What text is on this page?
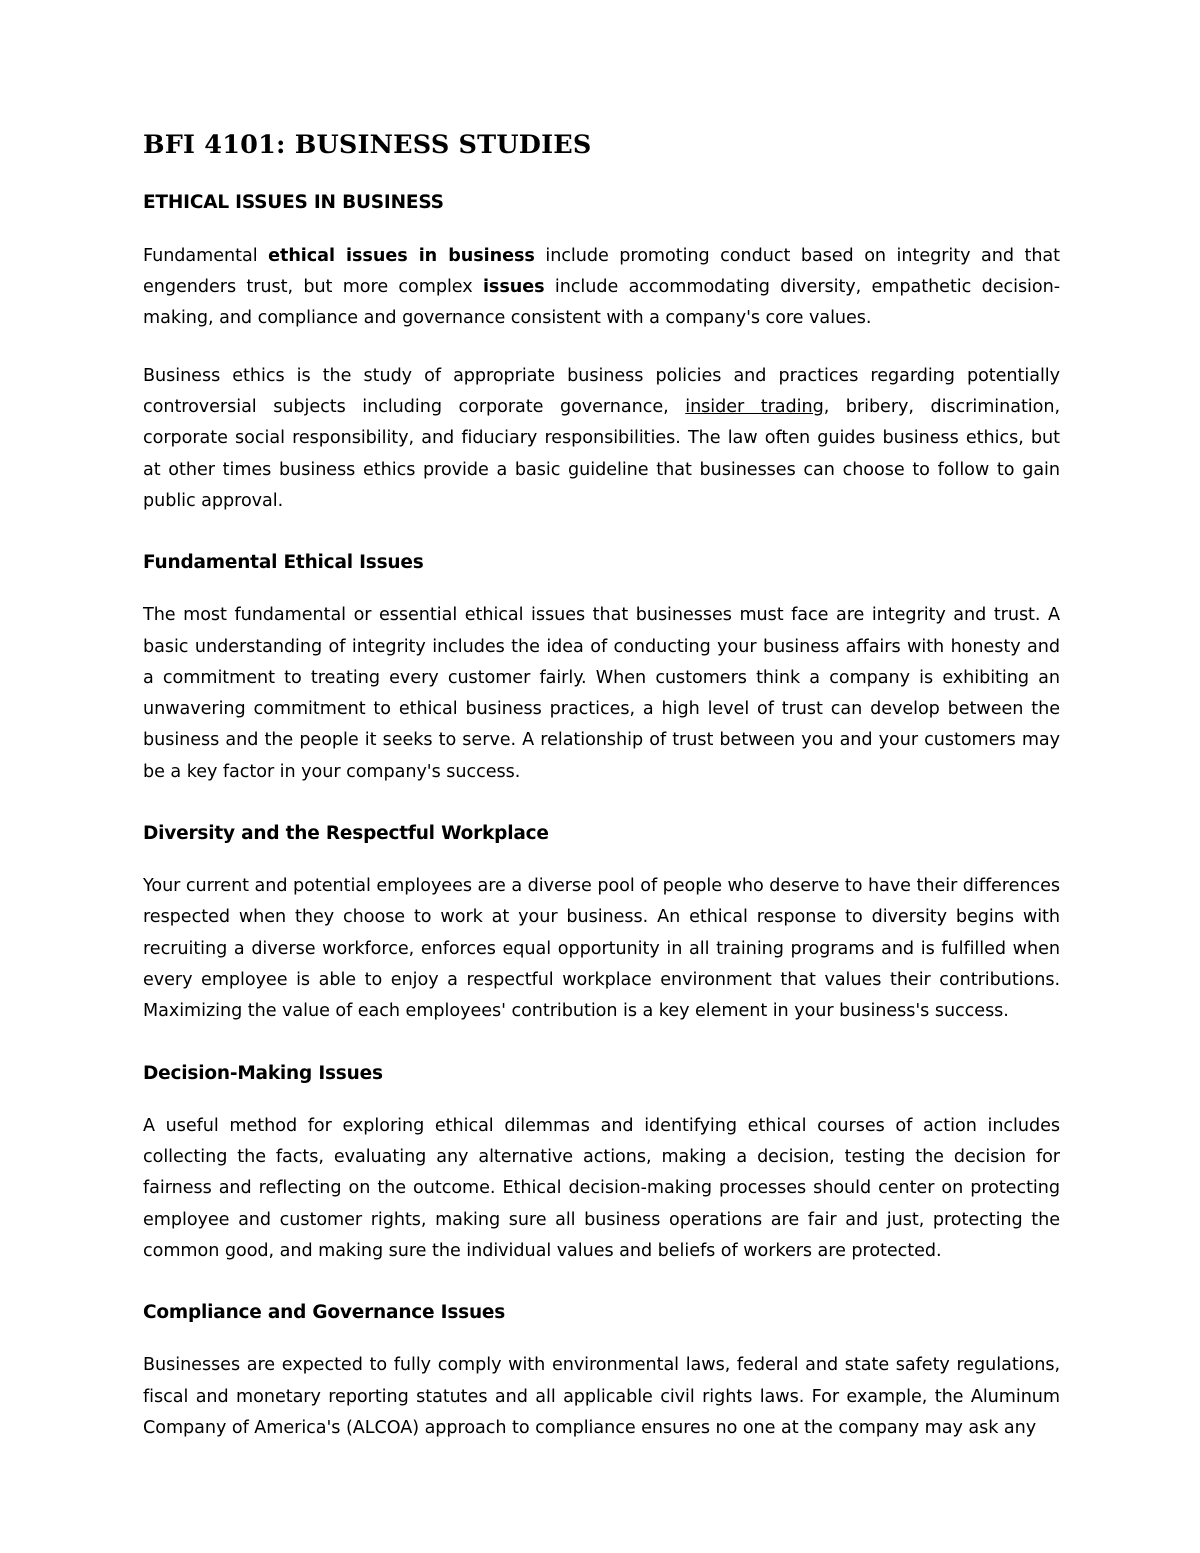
BFI 4101: BUSINESS STUDIES
ETHICAL ISSUES IN BUSINESS

Fundamental ethical issues in business include promoting conduct based on integrity and that engenders trust, but more complex issues include accommodating diversity, empathetic decision-making, and compliance and governance consistent with a company's core values.

Business ethics is the study of appropriate business policies and practices regarding potentially controversial subjects including corporate governance, insider trading, bribery, discrimination, corporate social responsibility, and fiduciary responsibilities. The law often guides business ethics, but at other times business ethics provide a basic guideline that businesses can choose to follow to gain public approval.

Fundamental Ethical Issues

The most fundamental or essential ethical issues that businesses must face are integrity and trust. A basic understanding of integrity includes the idea of conducting your business affairs with honesty and a commitment to treating every customer fairly. When customers think a company is exhibiting an unwavering commitment to ethical business practices, a high level of trust can develop between the business and the people it seeks to serve. A relationship of trust between you and your customers may be a key factor in your company's success.

Diversity and the Respectful Workplace

Your current and potential employees are a diverse pool of people who deserve to have their differences respected when they choose to work at your business. An ethical response to diversity begins with recruiting a diverse workforce, enforces equal opportunity in all training programs and is fulfilled when every employee is able to enjoy a respectful workplace environment that values their contributions. Maximizing the value of each employees' contribution is a key element in your business's success.

Decision-Making Issues

A useful method for exploring ethical dilemmas and identifying ethical courses of action includes collecting the facts, evaluating any alternative actions, making a decision, testing the decision for fairness and reflecting on the outcome. Ethical decision-making processes should center on protecting employee and customer rights, making sure all business operations are fair and just, protecting the common good, and making sure the individual values and beliefs of workers are protected.

Compliance and Governance Issues

Businesses are expected to fully comply with environmental laws, federal and state safety regulations, fiscal and monetary reporting statutes and all applicable civil rights laws. For example, the Aluminum Company of America's (ALCOA) approach to compliance ensures no one at the company may ask any
